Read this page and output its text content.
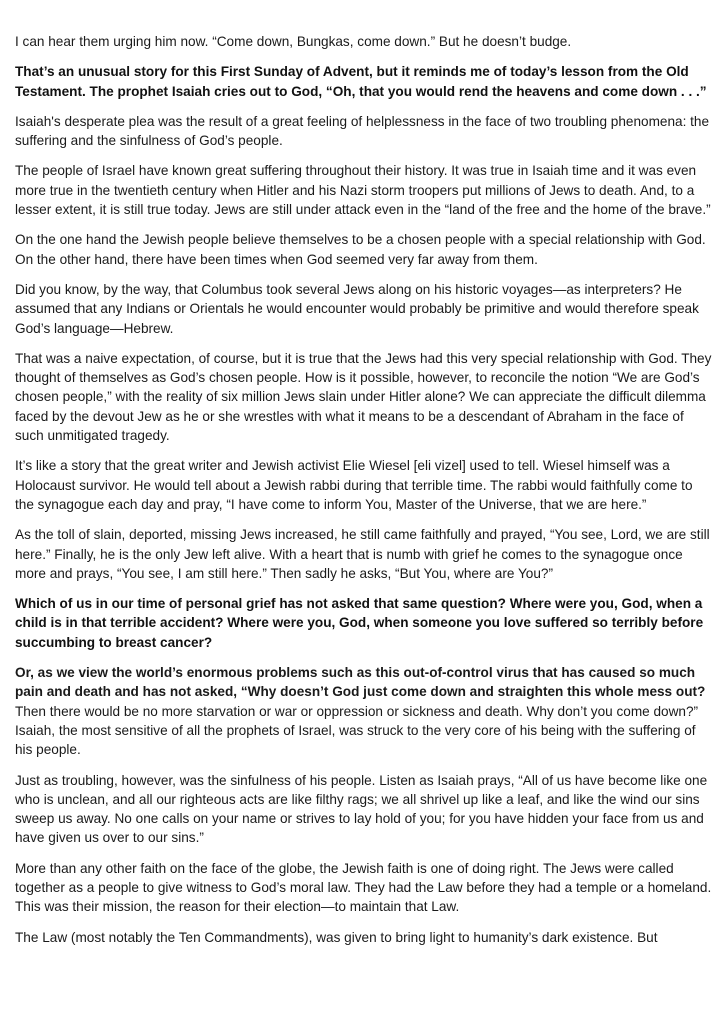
I can hear them urging him now. “Come down, Bungkas, come down.” But he doesn’t budge.

That’s an unusual story for this First Sunday of Advent, but it reminds me of today’s lesson from the Old Testament. The prophet Isaiah cries out to God, “Oh, that you would rend the heavens and come down . . .”

Isaiah's desperate plea was the result of a great feeling of helplessness in the face of two troubling phenomena: the suffering and the sinfulness of God’s people.

The people of Israel have known great suffering throughout their history. It was true in Isaiah time and it was even more true in the twentieth century when Hitler and his Nazi storm troopers put millions of Jews to death. And, to a lesser extent, it is still true today. Jews are still under attack even in the “land of the free and the home of the brave.”

On the one hand the Jewish people believe themselves to be a chosen people with a special relationship with God. On the other hand, there have been times when God seemed very far away from them.

Did you know, by the way, that Columbus took several Jews along on his historic voyages—as interpreters? He assumed that any Indians or Orientals he would encounter would probably be primitive and would therefore speak God’s language—Hebrew.

That was a naive expectation, of course, but it is true that the Jews had this very special relationship with God. They thought of themselves as God’s chosen people. How is it possible, however, to reconcile the notion “We are God’s chosen people,” with the reality of six million Jews slain under Hitler alone? We can appreciate the difficult dilemma faced by the devout Jew as he or she wrestles with what it means to be a descendant of Abraham in the face of such unmitigated tragedy.

It’s like a story that the great writer and Jewish activist Elie Wiesel [eli vizel] used to tell. Wiesel himself was a Holocaust survivor. He would tell about a Jewish rabbi during that terrible time. The rabbi would faithfully come to the synagogue each day and pray, “I have come to inform You, Master of the Universe, that we are here.”

As the toll of slain, deported, missing Jews increased, he still came faithfully and prayed, “You see, Lord, we are still here.” Finally, he is the only Jew left alive. With a heart that is numb with grief he comes to the synagogue once more and prays, “You see, I am still here.” Then sadly he asks, “But You, where are You?”

Which of us in our time of personal grief has not asked that same question? Where were you, God, when a child is in that terrible accident? Where were you, God, when someone you love suffered so terribly before succumbing to breast cancer?

Or, as we view the world’s enormous problems such as this out-of-control virus that has caused so much pain and death and has not asked, “Why doesn’t God just come down and straighten this whole mess out? Then there would be no more starvation or war or oppression or sickness and death. Why don’t you come down?” Isaiah, the most sensitive of all the prophets of Israel, was struck to the very core of his being with the suffering of his people.

Just as troubling, however, was the sinfulness of his people. Listen as Isaiah prays, “All of us have become like one who is unclean, and all our righteous acts are like filthy rags; we all shrivel up like a leaf, and like the wind our sins sweep us away. No one calls on your name or strives to lay hold of you; for you have hidden your face from us and have given us over to our sins.”

More than any other faith on the face of the globe, the Jewish faith is one of doing right. The Jews were called together as a people to give witness to God’s moral law. They had the Law before they had a temple or a homeland. This was their mission, the reason for their election—to maintain that Law.

The Law (most notably the Ten Commandments), was given to bring light to humanity’s dark existence. But
